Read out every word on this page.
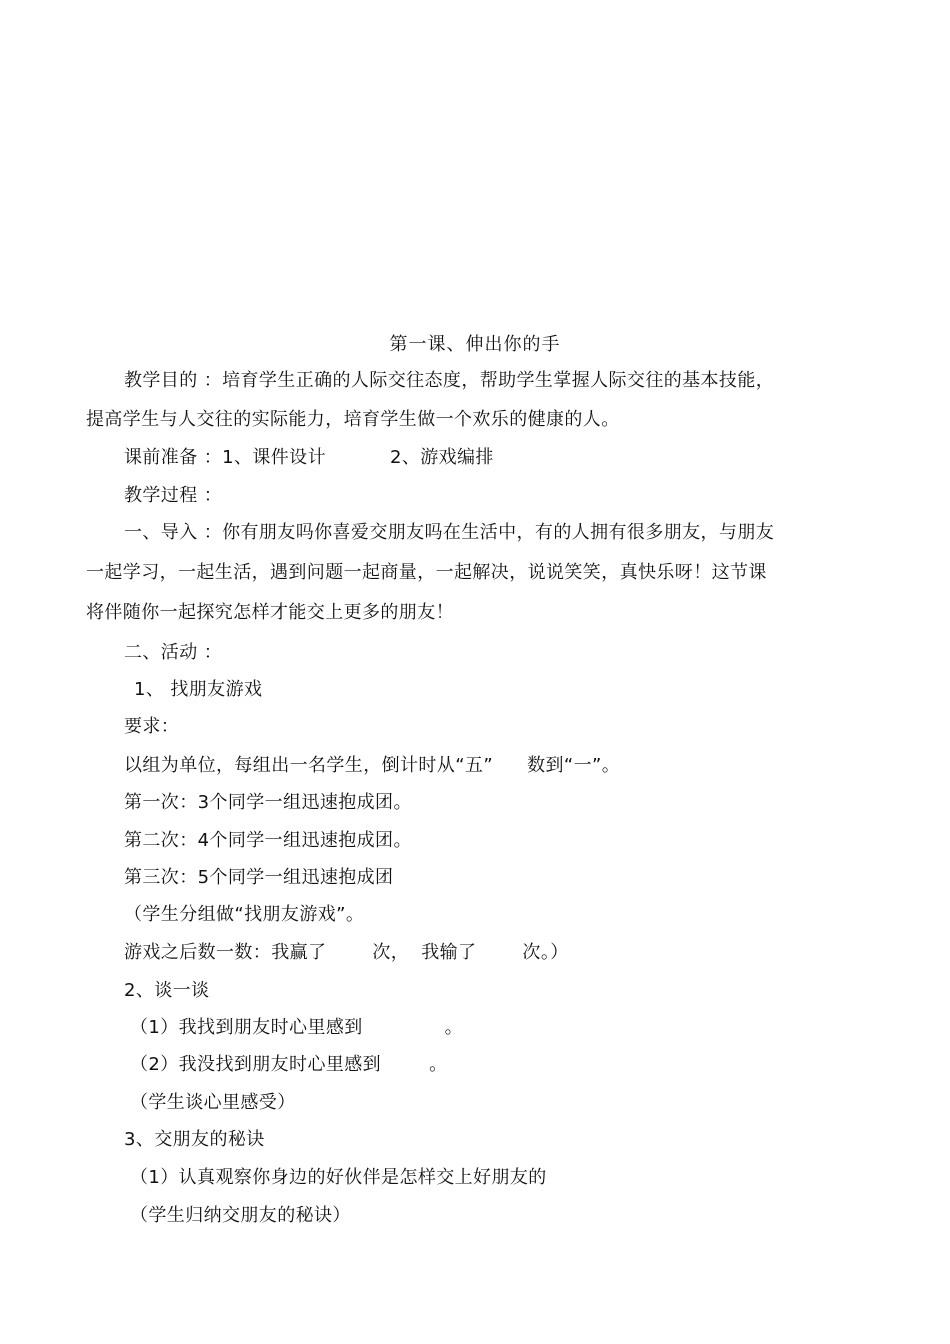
第一课、伸出你的手
教学目的 ：培育学生正确的人际交往态度，帮助学生掌握人际交往的基本技能，
提高学生与人交往的实际能力，培育学生做一个欢乐的健康的人。
课前准备 ：1、课件设计	2、游戏编排
教学过程 ：
一、导入 ：你有朋友吗你喜爱交朋友吗在生活中，有的人拥有很多朋友，与朋友
一起学习，一起生活，遇到问题一起商量，一起解决，说说笑笑，真快乐呀！这节课
将伴随你一起探究怎样才能交上更多的朋友！
二、活动 ：
1、 找朋友游戏
要求：
以组为单位，每组出一名学生，倒计时从“五” 数到“一”。
第一次：3个同学一组迅速抱成团。
第二次：4个同学一组迅速抱成团。
第三次：5个同学一组迅速抱成团
（学生分组做“找朋友游戏”。
游戏之后数一数：我赢了	次， 我输了	次。）
2、谈一谈
（1）我找到朋友时心里感到	。
（2）我没找到朋友时心里感到	。
（学生谈心里感受）
3、交朋友的秘诀
（1）认真观察你身边的好伙伴是怎样交上好朋友的
（学生归纳交朋友的秘诀）
